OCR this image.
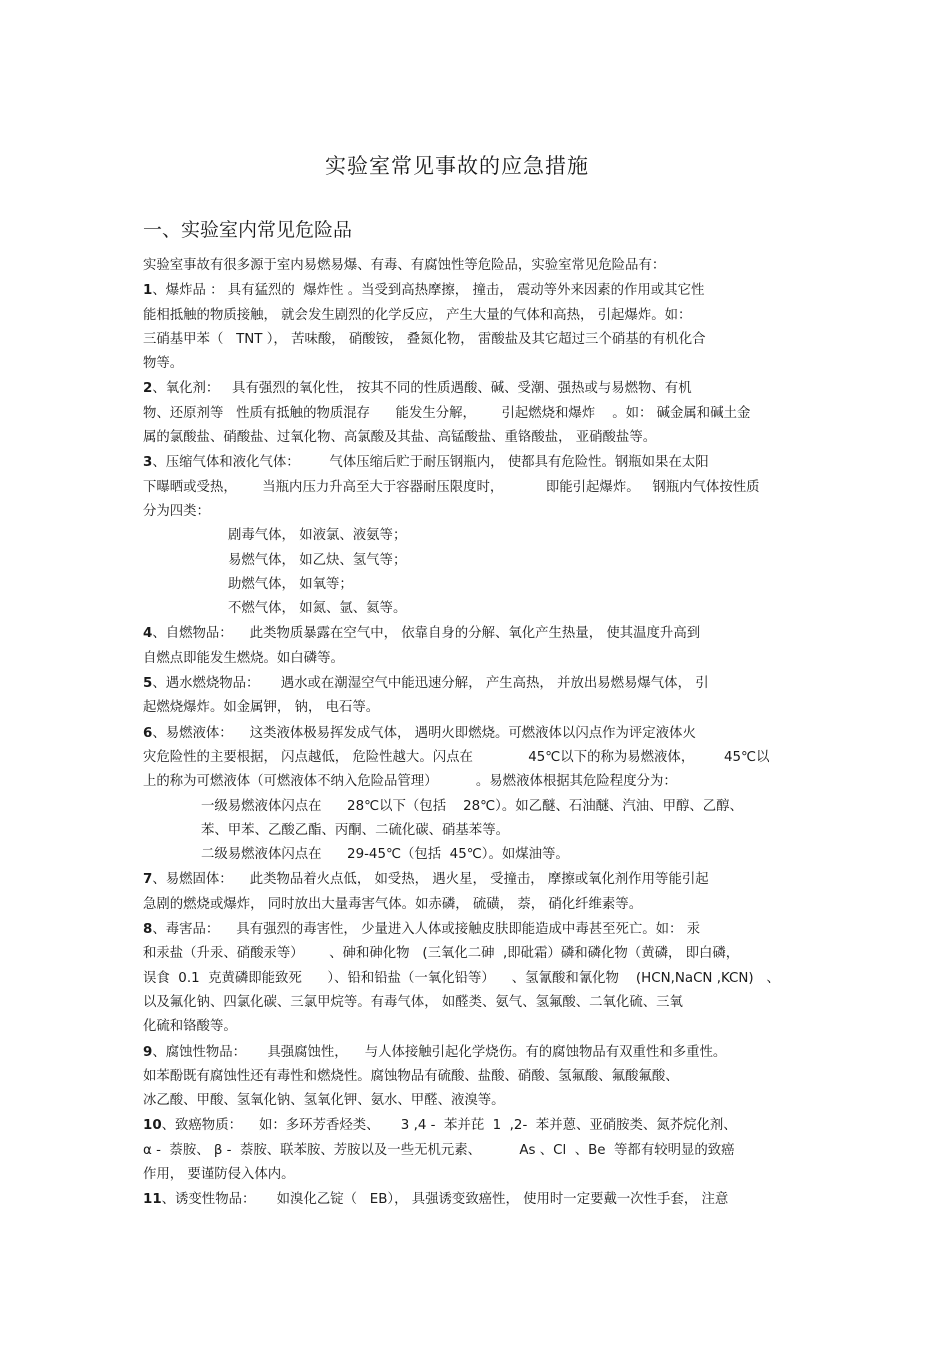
实验室常见事故的应急措施
一、实验室内常见危险品
实验室事故有很多源于室内易燃易爆、有毒、有腐蚀性等危险品，实验室常见危险品有：
1、爆炸品 ： 具有猛烈的  爆炸性 。当受到高热摩擦， 撞击， 震动等外来因素的作用或其它性
能相抵触的物质接触， 就会发生剧烈的化学反应， 产生大量的气体和高热， 引起爆炸。如：
三硝基甲苯（   TNT ）， 苦味酸， 硝酸铵， 叠氮化物， 雷酸盐及其它超过三个硝基的有机化合
物等。
2、氧化剂：   具有强烈的氧化性， 按其不同的性质遇酸、碱、受潮、强热或与易燃物、有机
物、还原剂等   性质有抵触的物质混存      能发生分解，      引起燃烧和爆炸    。如： 碱金属和碱土金
属的氯酸盐、硝酸盐、过氧化物、高氯酸及其盐、高锰酸盐、重铬酸盐， 亚硝酸盐等。
3、压缩气体和液化气体：       气体压缩后贮于耐压钢瓶内， 使都具有危险性。钢瓶如果在太阳
下曝晒或受热，      当瓶内压力升高至大于容器耐压限度时，          即能引起爆炸。   钢瓶内气体按性质
分为四类：
剧毒气体， 如液氯、液氨等；
易燃气体， 如乙炔、氢气等；
助燃气体， 如氧等；
不燃气体， 如氮、氩、氦等。
4、自燃物品：    此类物质暴露在空气中， 依靠自身的分解、氧化产生热量， 使其温度升高到
自燃点即能发生燃烧。如白磷等。
5、遇水燃烧物品：     遇水或在潮湿空气中能迅速分解， 产生高热， 并放出易燃易爆气体， 引
起燃烧爆炸。如金属钾， 钠， 电石等。
6、易燃液体：    这类液体极易挥发成气体， 遇明火即燃烧。可燃液体以闪点作为评定液体火
灾危险性的主要根据， 闪点越低， 危险性越大。闪点在             45℃以下的称为易燃液体，       45℃以
上的称为可燃液体（可燃液体不纳入危险品管理）         。易燃液体根据其危险程度分为：
一级易燃液体闪点在      28℃以下（包括    28℃）。如乙醚、石油醚、汽油、甲醇、乙醇、
苯、甲苯、乙酸乙酯、丙酮、二硫化碳、硝基苯等。
二级易燃液体闪点在      29-45℃（包括  45℃）。如煤油等。
7、易燃固体：    此类物品着火点低， 如受热， 遇火星， 受撞击， 摩擦或氧化剂作用等能引起
急剧的燃烧或爆炸， 同时放出大量毒害气体。如赤磷， 硫磺， 萘， 硝化纤维素等。
8、毒害品：    具有强烈的毒害性， 少量进入人体或接触皮肤即能造成中毒甚至死亡。如： 汞
和汞盐（升汞、硝酸汞等）      、砷和砷化物   (三氧化二砷  ,即砒霜）磷和磷化物（黄磷， 即白磷，
误食  0.1  克黄磷即能致死      ）、铅和铅盐（一氧化铅等）    、氢氰酸和氰化物    (HCN,NaCN ,KCN)   、
以及氟化钠、四氯化碳、三氯甲烷等。有毒气体， 如醛类、氨气、氢氟酸、二氧化硫、三氧
化硫和铬酸等。
9、腐蚀性物品：     具强腐蚀性，    与人体接触引起化学烧伤。有的腐蚀物品有双重性和多重性。
如苯酚既有腐蚀性还有毒性和燃烧性。腐蚀物品有硫酸、盐酸、硝酸、氢氟酸、氟酸氟酸、
冰乙酸、甲酸、氢氧化钠、氢氧化钾、氨水、甲醛、液溴等。
10、致癌物质：    如：多环芳香烃类、     3 ,4 -  苯并芘  1  ,2-  苯并蒽、亚硝胺类、氮芥烷化剂、
α -  萘胺、 β -  萘胺、联苯胺、芳胺以及一些无机元素、         As 、Cl  、Be  等都有较明显的致癌
作用， 要谨防侵入体内。
11、诱变性物品：     如溴化乙锭（   EB）， 具强诱变致癌性， 使用时一定要戴一次性手套， 注意
